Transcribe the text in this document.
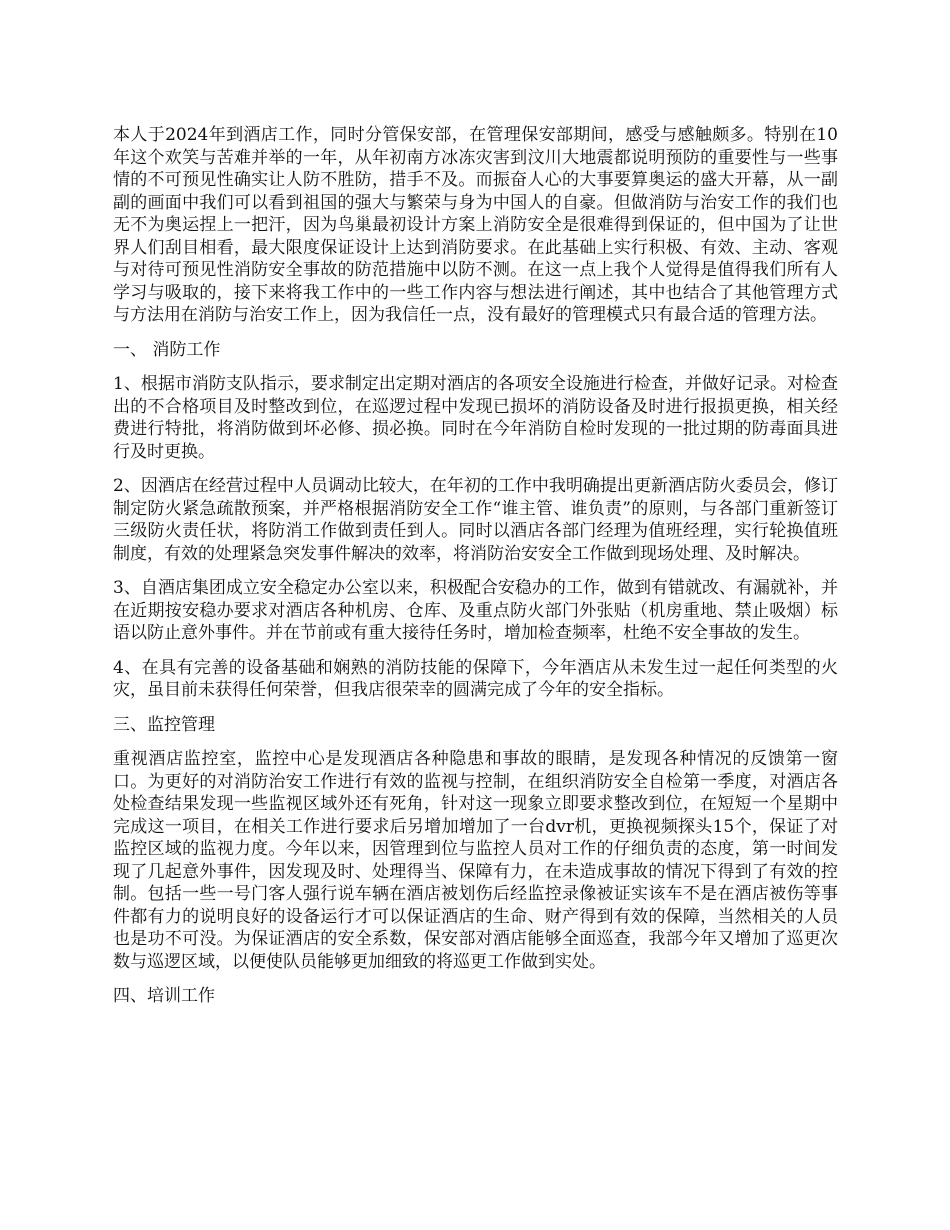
本人于2024年到酒店工作，同时分管保安部，在管理保安部期间，感受与感触颇多。特别在10年这个欢笑与苦难并举的一年，从年初南方冰冻灾害到汶川大地震都说明预防的重要性与一些事情的不可预见性确实让人防不胜防，措手不及。而振奋人心的大事要算奥运的盛大开幕，从一副副的画面中我们可以看到祖国的强大与繁荣与身为中国人的自豪。但做消防与治安工作的我们也无不为奥运捏上一把汗，因为鸟巢最初设计方案上消防安全是很难得到保证的，但中国为了让世界人们刮目相看，最大限度保证设计上达到消防要求。在此基础上实行积极、有效、主动、客观与对待可预见性消防安全事故的防范措施中以防不测。在这一点上我个人觉得是值得我们所有人学习与吸取的，接下来将我工作中的一些工作内容与想法进行阐述，其中也结合了其他管理方式与方法用在消防与治安工作上，因为我信任一点，没有最好的管理模式只有最合适的管理方法。

一、 消防工作

1、根据市消防支队指示，要求制定出定期对酒店的各项安全设施进行检查，并做好记录。对检查出的不合格项目及时整改到位，在巡逻过程中发现已损坏的消防设备及时进行报损更换，相关经费进行特批，将消防做到坏必修、损必换。同时在今年消防自检时发现的一批过期的防毒面具进行及时更换。

2、因酒店在经营过程中人员调动比较大，在年初的工作中我明确提出更新酒店防火委员会，修订制定防火紧急疏散预案，并严格根据消防安全工作“谁主管、谁负责”的原则，与各部门重新签订三级防火责任状，将防消工作做到责任到人。同时以酒店各部门经理为值班经理，实行轮换值班制度，有效的处理紧急突发事件解决的效率，将消防治安安全工作做到现场处理、及时解决。

3、自酒店集团成立安全稳定办公室以来，积极配合安稳办的工作，做到有错就改、有漏就补，并在近期按安稳办要求对酒店各种机房、仓库、及重点防火部门外张贴（机房重地、禁止吸烟）标语以防止意外事件。并在节前或有重大接待任务时，增加检查频率，杜绝不安全事故的发生。

4、在具有完善的设备基础和娴熟的消防技能的保障下，今年酒店从未发生过一起任何类型的火灾，虽目前未获得任何荣誉，但我店很荣幸的圆满完成了今年的安全指标。

三、监控管理

重视酒店监控室，监控中心是发现酒店各种隐患和事故的眼睛，是发现各种情况的反馈第一窗口。为更好的对消防治安工作进行有效的监视与控制，在组织消防安全自检第一季度，对酒店各处检查结果发现一些监视区域外还有死角，针对这一现象立即要求整改到位，在短短一个星期中完成这一项目，在相关工作进行要求后另增加增加了一台dvr机，更换视频探头15个，保证了对监控区域的监视力度。今年以来，因管理到位与监控人员对工作的仔细负责的态度，第一时间发现了几起意外事件，因发现及时、处理得当、保障有力，在未造成事故的情况下得到了有效的控制。包括一些一号门客人强行说车辆在酒店被划伤后经监控录像被证实该车不是在酒店被伤等事件都有力的说明良好的设备运行才可以保证酒店的生命、财产得到有效的保障，当然相关的人员也是功不可没。为保证酒店的安全系数，保安部对酒店能够全面巡查，我部今年又增加了巡更次数与巡逻区域，以便使队员能够更加细致的将巡更工作做到实处。

四、培训工作
